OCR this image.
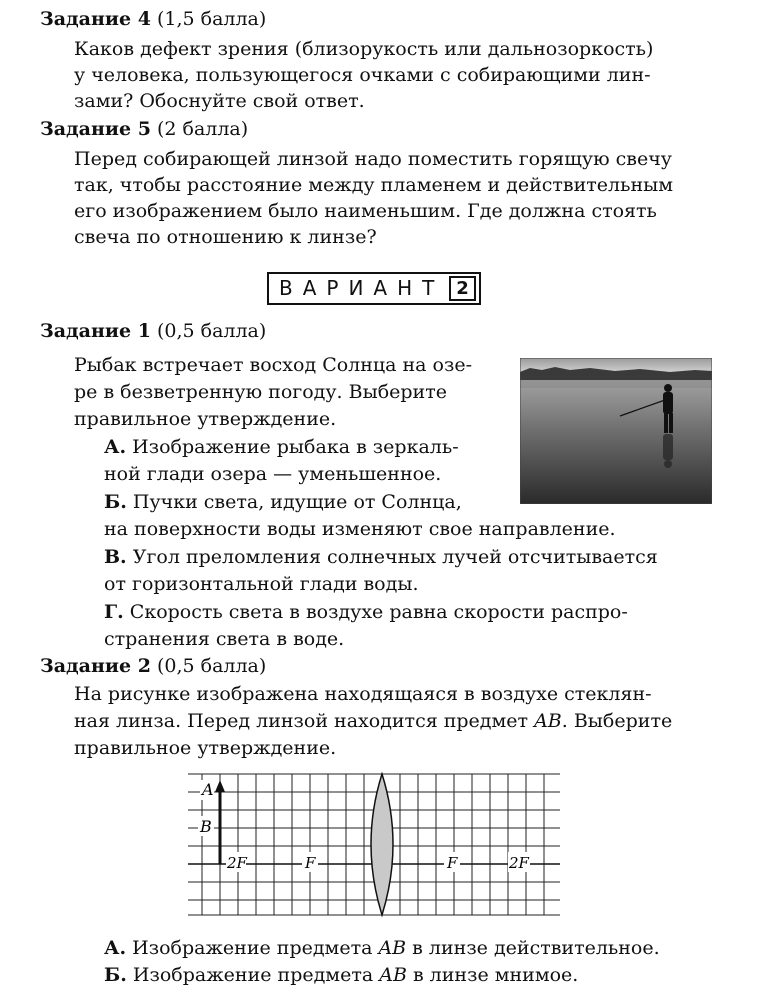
Задание 4 (1,5 балла)
Каков дефект зрения (близорукость или дальнозоркость)
у человека, пользующегося очками с собирающими лин-
зами? Обоснуйте свой ответ.
Задание 5 (2 балла)
Перед собирающей линзой надо поместить горящую свечу
так, чтобы расстояние между пламенем и действительным
его изображением было наименьшим. Где должна стоять
свеча по отношению к линзе?
ВАРИАНТ 2
Задание 1 (0,5 балла)
Рыбак встречает восход Солнца на озе-
ре в безветренную погоду. Выберите
правильное утверждение.
А. Изображение рыбака в зеркаль-
ной глади озера — уменьшенное.
Б. Пучки света, идущие от Солнца,
на поверхности воды изменяют свое направление.
В. Угол преломления солнечных лучей отсчитывается
от горизонтальной глади воды.
Г. Скорость света в воздухе равна скорости распро-
странения света в воде.
Задание 2 (0,5 балла)
На рисунке изображена находящаяся в воздухе стеклян-
ная линза. Перед линзой находится предмет AB. Выберите
правильное утверждение.
A
B
2F	F	F	2F
А. Изображение предмета AB в линзе действительное.
Б. Изображение предмета AB в линзе мнимое.
